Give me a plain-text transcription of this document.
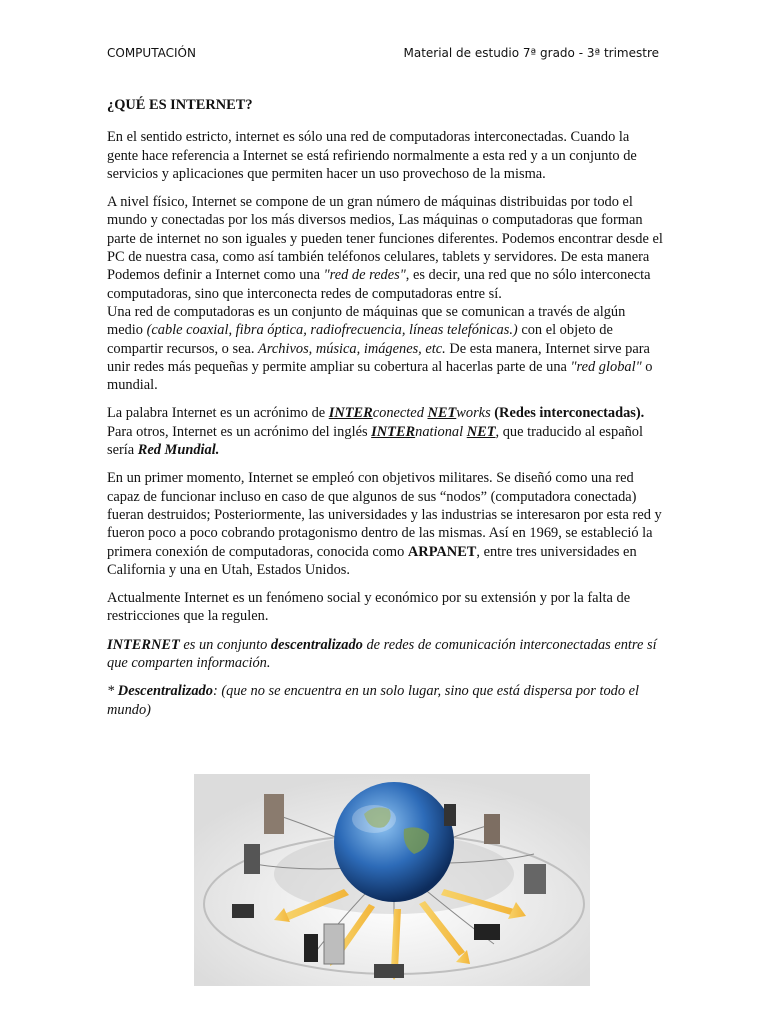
COMPUTACIÓN	Material de estudio 7ª grado - 3ª trimestre
¿QUÉ ES INTERNET?

En el sentido estricto, internet es sólo una red de computadoras interconectadas. Cuando la gente hace referencia a Internet se está refiriendo normalmente a esta red y a un conjunto de servicios y aplicaciones que permiten hacer un uso provechoso de la misma.

A nivel físico, Internet se compone de un gran número de máquinas distribuidas por todo el mundo y conectadas por los más diversos medios, Las máquinas o computadoras que forman parte de internet no son iguales y pueden tener funciones diferentes. Podemos encontrar desde el PC de nuestra casa, como así también teléfonos celulares, tablets y servidores. De esta manera Podemos definir a Internet como una "red de redes", es decir, una red que no sólo interconecta computadoras, sino que interconecta redes de computadoras entre sí.

Una red de computadoras es un conjunto de máquinas que se comunican a través de algún medio (cable coaxial, fibra óptica, radiofrecuencia, líneas telefónicas.) con el objeto de compartir recursos, o sea. Archivos, música, imágenes, etc. De esta manera, Internet sirve para unir redes más pequeñas y permite ampliar su cobertura al hacerlas parte de una "red global" o mundial.

La palabra Internet es un acrónimo de INTERconected NETworks (Redes interconectadas).

Para otros, Internet es un acrónimo del inglés INTERnational NET, que traducido al español sería Red Mundial.

En un primer momento, Internet se empleó con objetivos militares. Se diseñó como una red capaz de funcionar incluso en caso de que algunos de sus “nodos” (computadora conectada) fueran destruidos; Posteriormente, las universidades y las industrias se interesaron por esta red y fueron poco a poco cobrando protagonismo dentro de las mismas. Así en 1969, se estableció la primera conexión de computadoras, conocida como ARPANET, entre tres universidades en California y una en Utah, Estados Unidos.

Actualmente Internet es un fenómeno social y económico por su extensión y por la falta de restricciones que la regulen.

INTERNET es un conjunto descentralizado de redes de comunicación interconectadas entre sí que comparten información.

* Descentralizado: (que no se encuentra en un solo lugar, sino que está dispersa por todo el mundo)
